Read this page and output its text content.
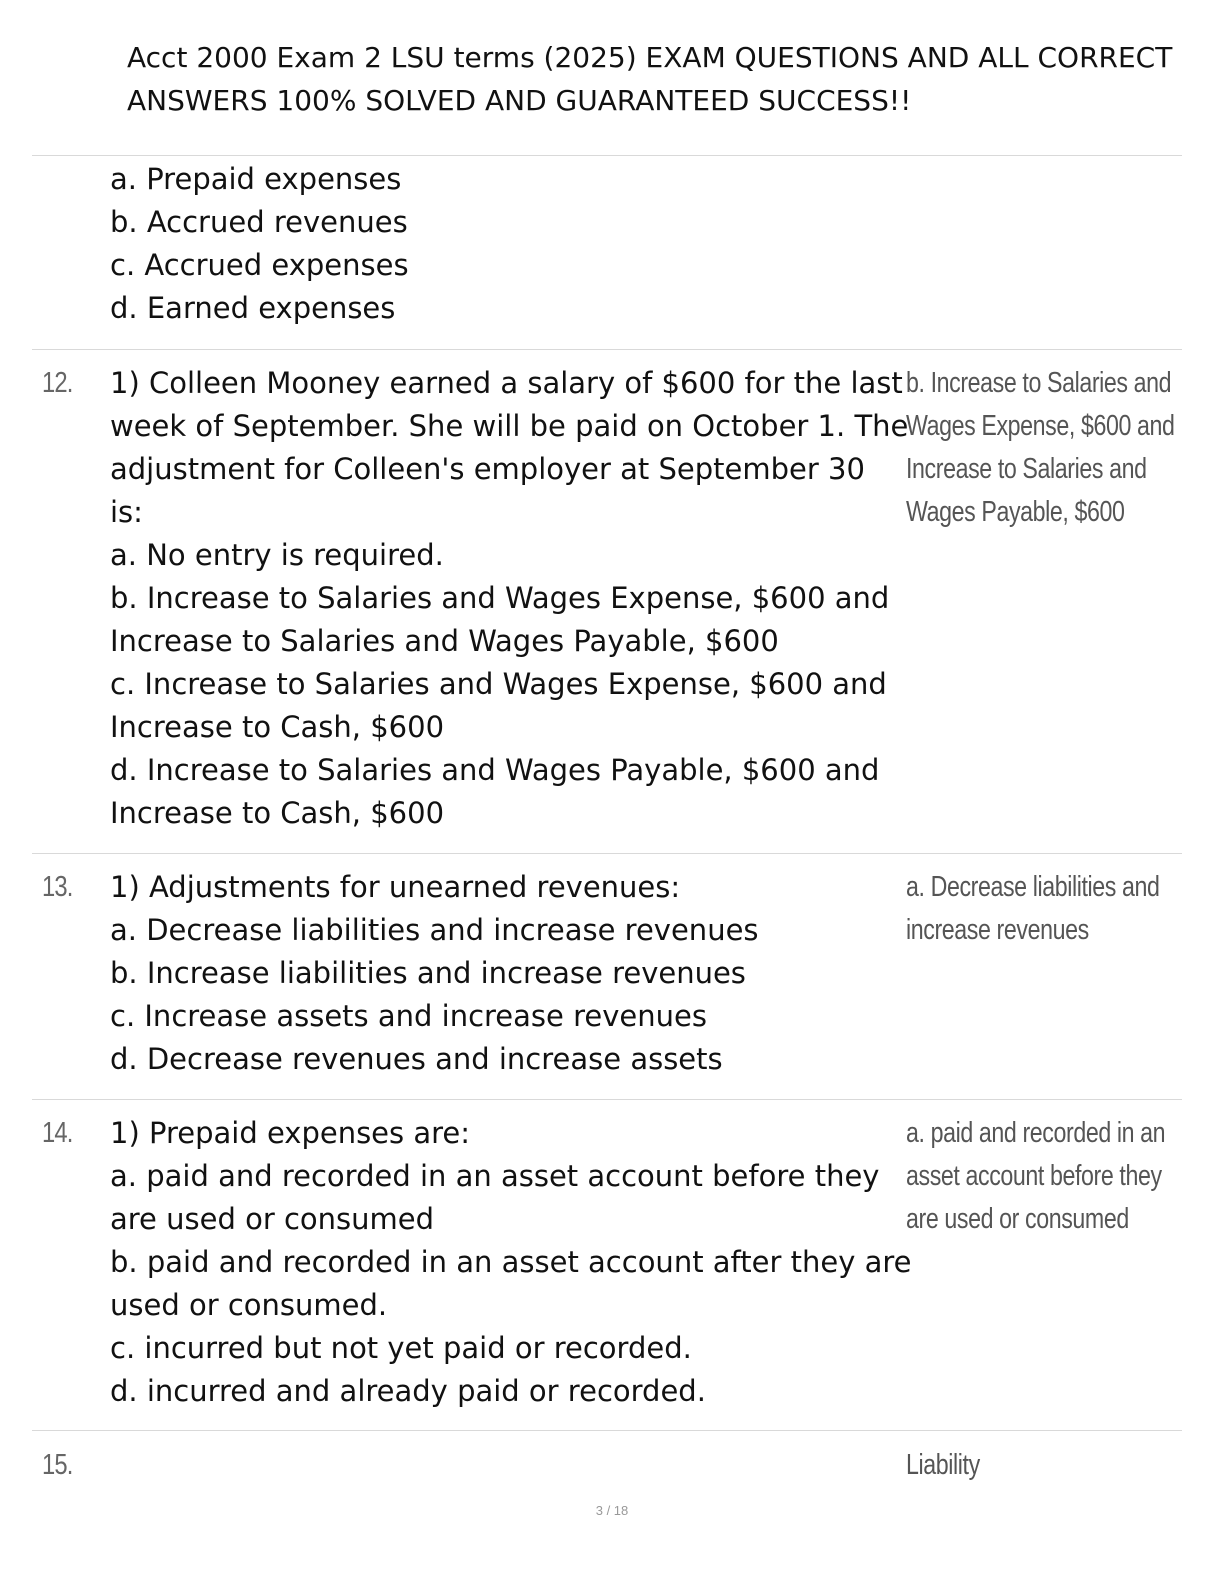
Acct 2000 Exam 2 LSU terms (2025) EXAM QUESTIONS AND ALL CORRECT
ANSWERS 100% SOLVED AND GUARANTEED SUCCESS!!
a. Prepaid expenses
b. Accrued revenues
c. Accrued expenses
d. Earned expenses
12. 1) Colleen Mooney earned a salary of $600 for the last
week of September. She will be paid on October 1. The
adjustment for Colleen's employer at September 30
is:
a. No entry is required.
b. Increase to Salaries and Wages Expense, $600 and
Increase to Salaries and Wages Payable, $600
c. Increase to Salaries and Wages Expense, $600 and
Increase to Cash, $600
d. Increase to Salaries and Wages Payable, $600 and
Increase to Cash, $600
b. Increase to Salaries and
Wages Expense, $600 and
Increase to Salaries and
Wages Payable, $600
13. 1) Adjustments for unearned revenues:
a. Decrease liabilities and increase revenues
b. Increase liabilities and increase revenues
c. Increase assets and increase revenues
d. Decrease revenues and increase assets
a. Decrease liabilities and
increase revenues
14. 1) Prepaid expenses are:
a. paid and recorded in an asset account before they
are used or consumed
b. paid and recorded in an asset account after they are
used or consumed.
c. incurred but not yet paid or recorded.
d. incurred and already paid or recorded.
a. paid and recorded in an
asset account before they
are used or consumed
15.	Liability
3 / 18
